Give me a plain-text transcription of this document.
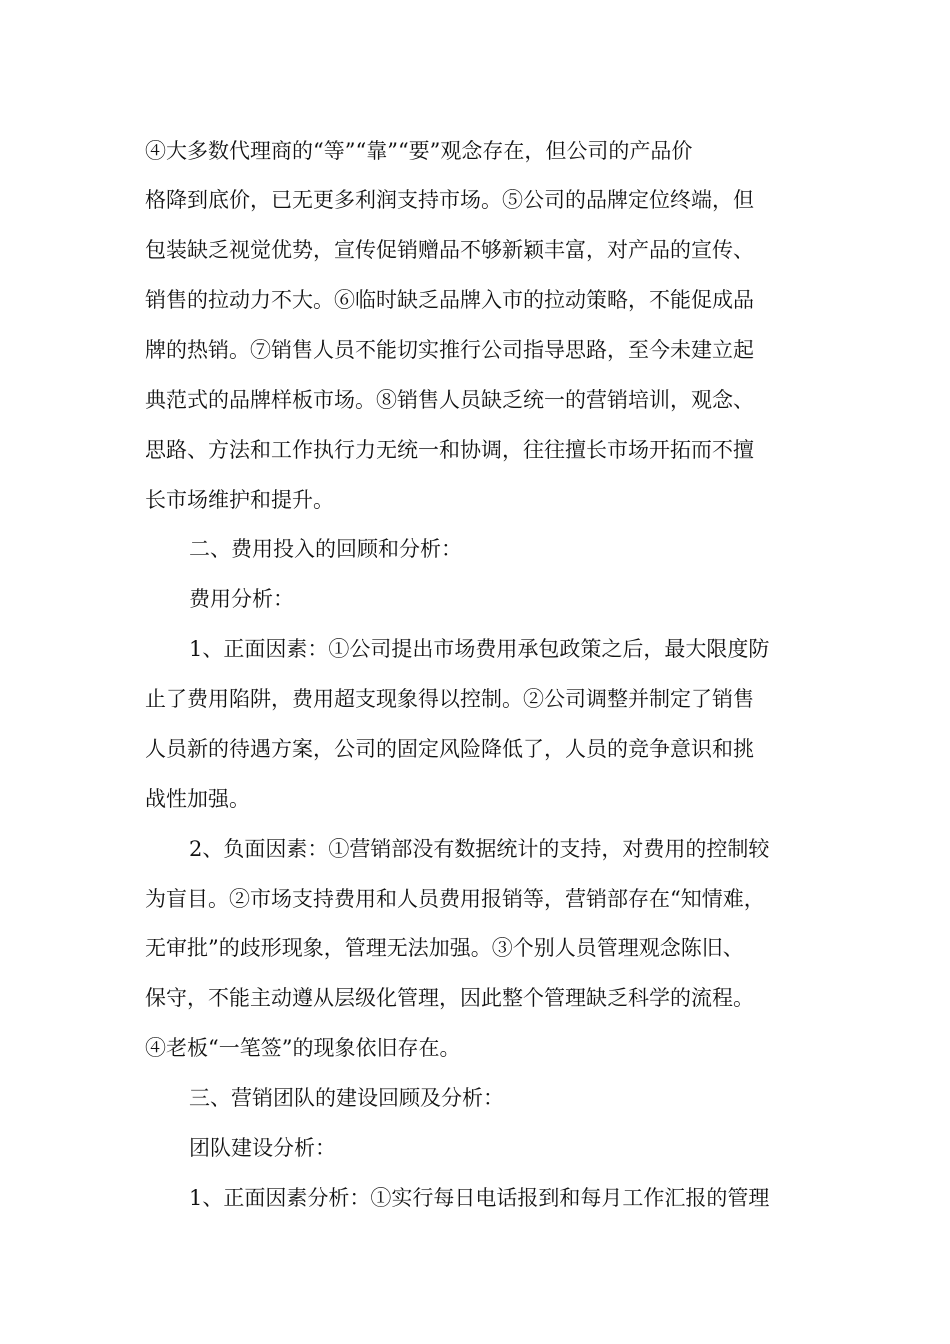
④大多数代理商的“等”“靠”“要”观念存在，但公司的产品价
格降到底价，已无更多利润支持市场。⑤公司的品牌定位终端，但
包装缺乏视觉优势，宣传促销赠品不够新颖丰富，对产品的宣传、
销售的拉动力不大。⑥临时缺乏品牌入市的拉动策略，不能促成品
牌的热销。⑦销售人员不能切实推行公司指导思路，至今未建立起
典范式的品牌样板市场。⑧销售人员缺乏统一的营销培训，观念、
思路、方法和工作执行力无统一和协调，往往擅长市场开拓而不擅
长市场维护和提升。
二、费用投入的回顾和分析：
费用分析：
1、正面因素：①公司提出市场费用承包政策之后，最大限度防
止了费用陷阱，费用超支现象得以控制。②公司调整并制定了销售
人员新的待遇方案，公司的固定风险降低了，人员的竞争意识和挑
战性加强。
2、负面因素：①营销部没有数据统计的支持，对费用的控制较
为盲目。②市场支持费用和人员费用报销等，营销部存在“知情难，
无审批”的歧形现象，管理无法加强。③个别人员管理观念陈旧、
保守，不能主动遵从层级化管理，因此整个管理缺乏科学的流程。
④老板“一笔签”的现象依旧存在。
三、营销团队的建设回顾及分析：
团队建设分析：
1、正面因素分析：①实行每日电话报到和每月工作汇报的管理
